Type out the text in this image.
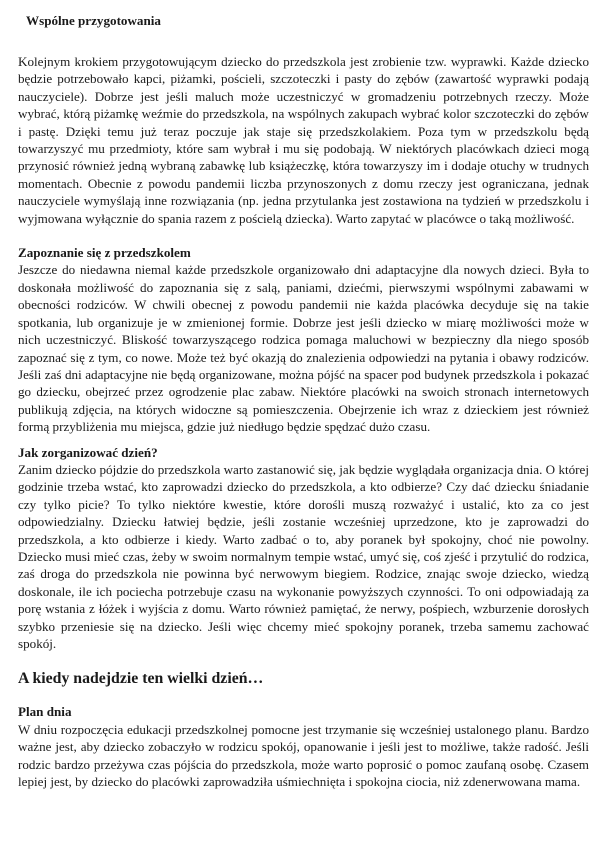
Wspólne przygotowania

Kolejnym krokiem przygotowującym dziecko do przedszkola jest zrobienie tzw. wyprawki. Każde dziecko będzie potrzebowało kapci, piżamki, pościeli, szczoteczki i pasty do zębów (zawartość wyprawki podają nauczyciele). Dobrze jest jeśli maluch może uczestniczyć w gromadzeniu potrzebnych rzeczy. Może wybrać, którą piżamkę weźmie do przedszkola, na wspólnych zakupach wybrać kolor szczoteczki do zębów i pastę. Dzięki temu już teraz poczuje jak staje się przedszkolakiem. Poza tym w przedszkolu będą towarzyszyć mu przedmioty, które sam wybrał i mu się podobają. W niektórych placówkach dzieci mogą przynosić również jedną wybraną zabawkę lub książeczkę, która towarzyszy im i dodaje otuchy w trudnych momentach. Obecnie z powodu pandemii liczba przynoszonych z domu rzeczy jest ograniczana, jednak nauczyciele wymyślają inne rozwiązania (np. jedna przytulanka jest zostawiona na tydzień w przedszkolu i wyjmowana wyłącznie do spania razem z pościelą dziecka). Warto zapytać w placówce o taką możliwość.

Zapoznanie się z przedszkolem

Jeszcze do niedawna niemal każde przedszkole organizowało dni adaptacyjne dla nowych dzieci. Była to doskonała możliwość do zapoznania się z salą, paniami, dziećmi, pierwszymi wspólnymi zabawami w obecności rodziców. W chwili obecnej z powodu pandemii nie każda placówka decyduje się na takie spotkania, lub organizuje je w zmienionej formie. Dobrze jest jeśli dziecko w miarę możliwości może w nich uczestniczyć. Bliskość towarzyszącego rodzica pomaga maluchowi w bezpieczny dla niego sposób zapoznać się z tym, co nowe. Może też być okazją do znalezienia odpowiedzi na pytania i obawy rodziców. Jeśli zaś dni adaptacyjne nie będą organizowane, można pójść na spacer pod budynek przedszkola i pokazać go dziecku, obejrzeć przez ogrodzenie plac zabaw. Niektóre placówki na swoich stronach internetowych publikują zdjęcia, na których widoczne są pomieszczenia. Obejrzenie ich wraz z dzieckiem jest również formą przybliżenia mu miejsca, gdzie już niedługo będzie spędzać dużo czasu.

Jak zorganizować dzień?

Zanim dziecko pójdzie do przedszkola warto zastanowić się, jak będzie wyglądała organizacja dnia. O której godzinie trzeba wstać, kto zaprowadzi dziecko do przedszkola, a kto odbierze? Czy dać dziecku śniadanie czy tylko picie? To tylko niektóre kwestie, które dorośli muszą rozważyć i ustalić, kto za co jest odpowiedzialny. Dziecku łatwiej będzie, jeśli zostanie wcześniej uprzedzone, kto je zaprowadzi do przedszkola, a kto odbierze i kiedy. Warto zadbać o to, aby poranek był spokojny, choć nie powolny. Dziecko musi mieć czas, żeby w swoim normalnym tempie wstać, umyć się, coś zjeść i przytulić do rodzica, zaś droga do przedszkola nie powinna być nerwowym biegiem. Rodzice, znając swoje dziecko, wiedzą doskonale, ile ich pociecha potrzebuje czasu na wykonanie powyższych czynności. To oni odpowiadają za porę wstania z łóżek i wyjścia z domu. Warto również pamiętać, że nerwy, pośpiech, wzburzenie dorosłych szybko przeniesie się na dziecko. Jeśli więc chcemy mieć spokojny poranek, trzeba samemu zachować spokój.

A kiedy nadejdzie ten wielki dzień…
Plan dnia

W dniu rozpoczęcia edukacji przedszkolnej pomocne jest trzymanie się wcześniej ustalonego planu. Bardzo ważne jest, aby dziecko zobaczyło w rodzicu spokój, opanowanie i jeśli jest to możliwe, także radość. Jeśli rodzic bardzo przeżywa czas pójścia do przedszkola, może warto poprosić o pomoc zaufaną osobę. Czasem lepiej jest, by dziecko do placówki zaprowadziła uśmiechnięta i spokojna ciocia, niż zdenerwowana mama.
